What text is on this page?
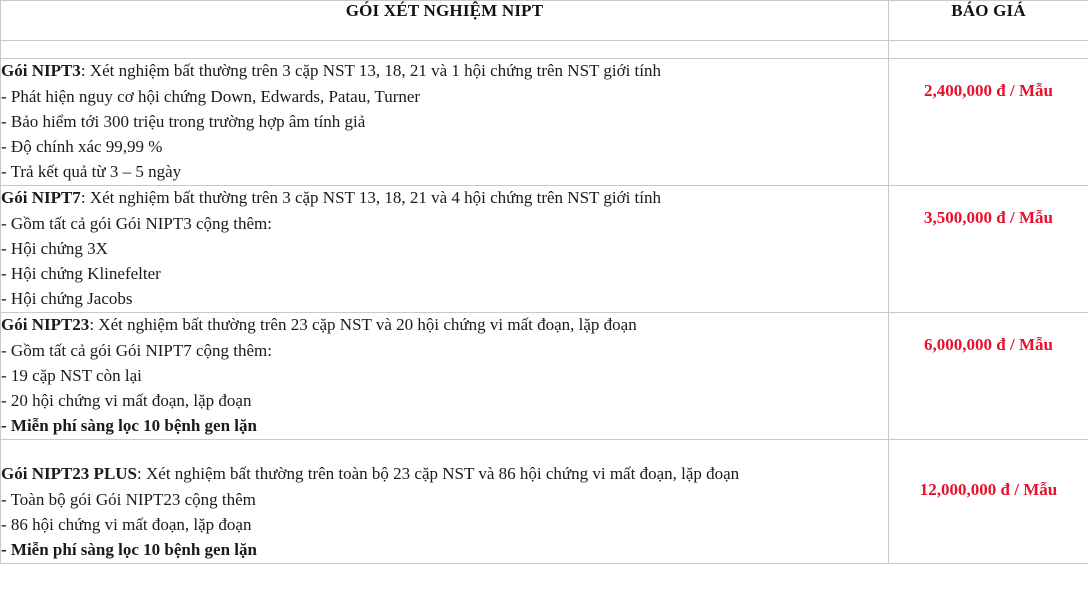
GÓI XÉT NGHIỆM NIPT	BÁO GIÁ

Gói NIPT3: Xét nghiệm bất thường trên 3 cặp NST 13, 18, 21 và 1 hội chứng trên NST giới tính
- Phát hiện nguy cơ hội chứng Down, Edwards, Patau, Turner
- Bảo hiểm tới 300 triệu trong trường hợp âm tính giả
- Độ chính xác 99,99 %
- Trả kết quả từ 3 – 5 ngày	2,400,000 đ / Mẫu

Gói NIPT7: Xét nghiệm bất thường trên 3 cặp NST 13, 18, 21 và 4 hội chứng trên NST giới tính
- Gồm tất cả gói Gói NIPT3 cộng thêm:
- Hội chứng 3X
- Hội chứng Klinefelter
- Hội chứng Jacobs	3,500,000 đ / Mẫu

Gói NIPT23: Xét nghiệm bất thường trên 23 cặp NST và 20 hội chứng vi mất đoạn, lặp đoạn
- Gồm tất cả gói Gói NIPT7 cộng thêm:
- 19 cặp NST còn lại
- 20 hội chứng vi mất đoạn, lặp đoạn
- Miễn phí sàng lọc 10 bệnh gen lặn	6,000,000 đ / Mẫu

Gói NIPT23 PLUS: Xét nghiệm bất thường trên toàn bộ 23 cặp NST và 86 hội chứng vi mất đoạn, lặp đoạn
- Toàn bộ gói Gói NIPT23 cộng thêm
- 86 hội chứng vi mất đoạn, lặp đoạn
- Miễn phí sàng lọc 10 bệnh gen lặn	12,000,000 đ / Mẫu
